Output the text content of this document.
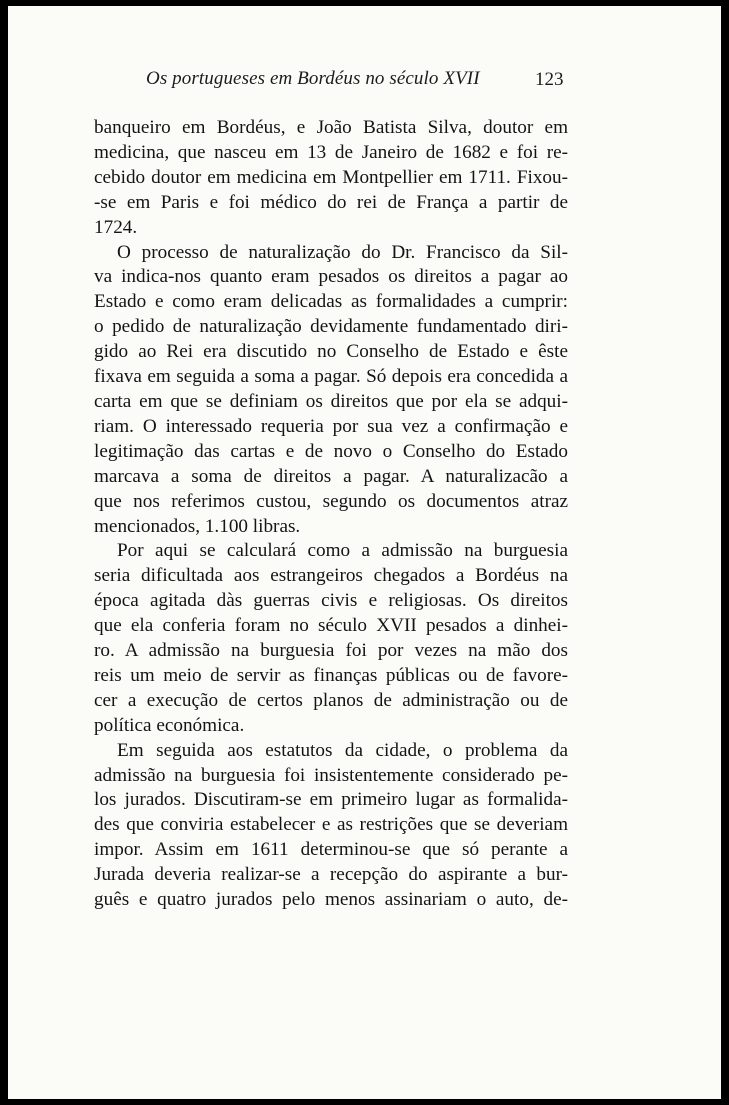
Os portugueses em Bordéus no século XVII	123

banqueiro em Bordéus, e João Batista Silva, doutor em
medicina, que nasceu em 13 de Janeiro de 1682 e foi re-
cebido doutor em medicina em Montpellier em 1711. Fixou-
-se em Paris e foi médico do rei de França a partir de
1724.

O processo de naturalização do Dr. Francisco da Sil-
va indica-nos quanto eram pesados os direitos a pagar ao
Estado e como eram delicadas as formalidades a cumprir:
o pedido de naturalização devidamente fundamentado diri-
gido ao Rei era discutido no Conselho de Estado e êste
fixava em seguida a soma a pagar. Só depois era concedida a
carta em que se definiam os direitos que por ela se adqui-
riam. O interessado requeria por sua vez a confirmação e
legitimação das cartas e de novo o Conselho do Estado
marcava a soma de direitos a pagar. A naturalizacão a
que nos referimos custou, segundo os documentos atraz
mencionados, 1.100 libras.

Por aqui se calculará como a admissão na burguesia
seria dificultada aos estrangeiros chegados a Bordéus na
época agitada dàs guerras civis e religiosas. Os direitos
que ela conferia foram no século XVII pesados a dinhei-
ro. A admissão na burguesia foi por vezes na mão dos
reis um meio de servir as finanças públicas ou de favore-
cer a execução de certos planos de administração ou de
política económica.

Em seguida aos estatutos da cidade, o problema da
admissão na burguesia foi insistentemente considerado pe-
los jurados. Discutiram-se em primeiro lugar as formalida-
des que conviria estabelecer e as restrições que se deveriam
impor. Assim em 1611 determinou-se que só perante a
Jurada deveria realizar-se a recepção do aspirante a bur-
guês e quatro jurados pelo menos assinariam o auto, de-
